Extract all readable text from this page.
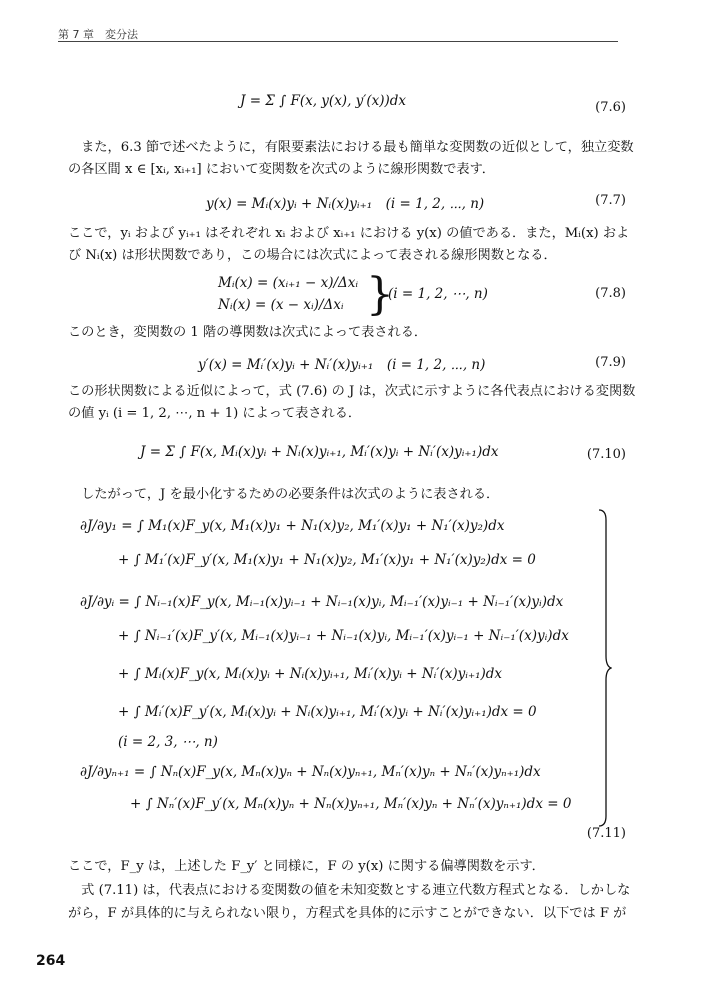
第 7 章　変分法
J = Σ ∫ F(x, y(x), y′(x))dx	(7.6)
　また，6.3 節で述べたように，有限要素法における最も簡単な変関数の近似として，独立変数
の各区間 x ∈ [xᵢ, xᵢ₊₁] において変関数を次式のように線形関数で表す．
y(x) = Mᵢ(x)yᵢ + Nᵢ(x)yᵢ₊₁　(i = 1, 2, ⋯, n)	(7.7)
ここで，yᵢ および yᵢ₊₁ はそれぞれ xᵢ および xᵢ₊₁ における y(x) の値である．また，Mᵢ(x) およ
び Nᵢ(x) は形状関数であり，この場合には次式によって表される線形関数となる．
Mᵢ(x) = (xᵢ₊₁ − x)/Δxᵢ
Nᵢ(x) = (x − xᵢ)/Δxᵢ }
(i = 1, 2, ⋯, n)	(7.8)
このとき，変関数の 1 階の導関数は次式によって表される．
y′(x) = Mᵢ′(x)yᵢ + Nᵢ′(x)yᵢ₊₁　(i = 1, 2, ⋯, n)	(7.9)
この形状関数による近似によって，式 (7.6) の J は，次式に示すように各代表点における変関数
の値 yᵢ (i = 1, 2, ⋯, n + 1) によって表される．
J = Σ ∫ F(x, Mᵢ(x)yᵢ + Nᵢ(x)yᵢ₊₁, Mᵢ′(x)yᵢ + Nᵢ′(x)yᵢ₊₁)dx	(7.10)
　したがって，J を最小化するための必要条件は次式のように表される．
∂J/∂y₁ = ∫ M₁(x)F_y(x, M₁(x)y₁ + N₁(x)y₂, M₁′(x)y₁ + N₁′(x)y₂)dx
+ ∫ M₁′(x)F_y′(x, M₁(x)y₁ + N₁(x)y₂, M₁′(x)y₁ + N₁′(x)y₂)dx = 0
∂J/∂yᵢ = ∫ Nᵢ₋₁(x)F_y(x, Mᵢ₋₁(x)yᵢ₋₁ + Nᵢ₋₁(x)yᵢ, Mᵢ₋₁′(x)yᵢ₋₁ + Nᵢ₋₁′(x)yᵢ)dx
+ ∫ Nᵢ₋₁′(x)F_y′(x, Mᵢ₋₁(x)yᵢ₋₁ + Nᵢ₋₁(x)yᵢ, Mᵢ₋₁′(x)yᵢ₋₁ + Nᵢ₋₁′(x)yᵢ)dx
+ ∫ Mᵢ(x)F_y(x, Mᵢ(x)yᵢ + Nᵢ(x)yᵢ₊₁, Mᵢ′(x)yᵢ + Nᵢ′(x)yᵢ₊₁)dx
+ ∫ Mᵢ′(x)F_y′(x, Mᵢ(x)yᵢ + Nᵢ(x)yᵢ₊₁, Mᵢ′(x)yᵢ + Nᵢ′(x)yᵢ₊₁)dx = 0
(i = 2, 3, ⋯, n)
∂J/∂yₙ₊₁ = ∫ Nₙ(x)F_y(x, Mₙ(x)yₙ + Nₙ(x)yₙ₊₁, Mₙ′(x)yₙ + Nₙ′(x)yₙ₊₁)dx
+ ∫ Nₙ′(x)F_y′(x, Mₙ(x)yₙ + Nₙ(x)yₙ₊₁, Mₙ′(x)yₙ + Nₙ′(x)yₙ₊₁)dx = 0
(7.11)
ここで，F_y は，上述した F_y′ と同様に，F の y(x) に関する偏導関数を示す．
　式 (7.11) は，代表点における変関数の値を未知変数とする連立代数方程式となる．しかしな
がら，F が具体的に与えられない限り，方程式を具体的に示すことができない．以下では F が
264
